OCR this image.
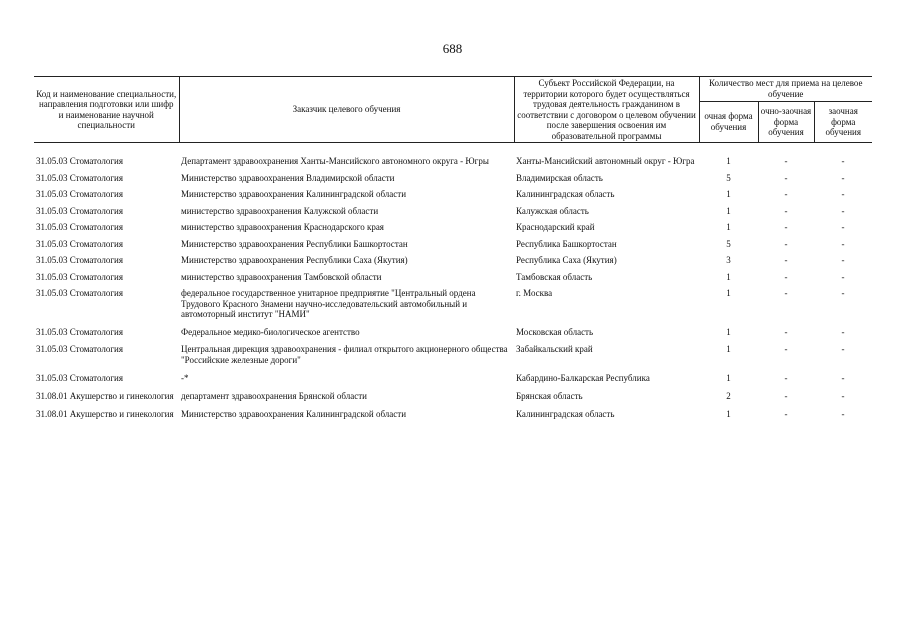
688
Код и наименование специальности, направления подготовки или шифр и наименование научной специальности	Заказчик целевого обучения	Субъект Российской Федерации, на территории которого будет осуществляться трудовая деятельность гражданином в соответствии с договором о целевом обучении после завершения освоения им образовательной программы	Количество мест для приема на целевое обучение		
			очная форма обучения	очно-заочная форма обучения	заочная форма обучения

31.05.03 Стоматология	Департамент здравоохранения Ханты-Мансийского автономного округа - Югры	Ханты-Мансийский автономный округ - Югра	1	-	-
31.05.03 Стоматология	Министерство здравоохранения Владимирской области	Владимирская область	5	-	-
31.05.03 Стоматология	Министерство здравоохранения Калининградской области	Калининградская область	1	-	-
31.05.03 Стоматология	министерство здравоохранения Калужской области	Калужская область	1	-	-
31.05.03 Стоматология	министерство здравоохранения Краснодарского края	Краснодарский край	1	-	-
31.05.03 Стоматология	Министерство здравоохранения Республики Башкортостан	Республика Башкортостан	5	-	-
31.05.03 Стоматология	Министерство здравоохранения Республики Саха (Якутия)	Республика Саха (Якутия)	3	-	-
31.05.03 Стоматология	министерство здравоохранения Тамбовской области	Тамбовская область	1	-	-
31.05.03 Стоматология	федеральное государственное унитарное предприятие "Центральный ордена Трудового Красного Знамени научно-исследовательский автомобильный и автомоторный институт "НАМИ"	г. Москва	1	-	-
31.05.03 Стоматология	Федеральное медико-биологическое агентство	Московская область	1	-	-
31.05.03 Стоматология	Центральная дирекция здравоохранения - филиал открытого акционерного общества "Российские железные дороги"	Забайкальский край	1	-	-
31.05.03 Стоматология	-*	Кабардино-Балкарская Республика	1	-	-
31.08.01 Акушерство и гинекология	департамент здравоохранения Брянской области	Брянская область	2	-	-
31.08.01 Акушерство и гинекология	Министерство здравоохранения Калининградской области	Калининградская область	1	-	-
